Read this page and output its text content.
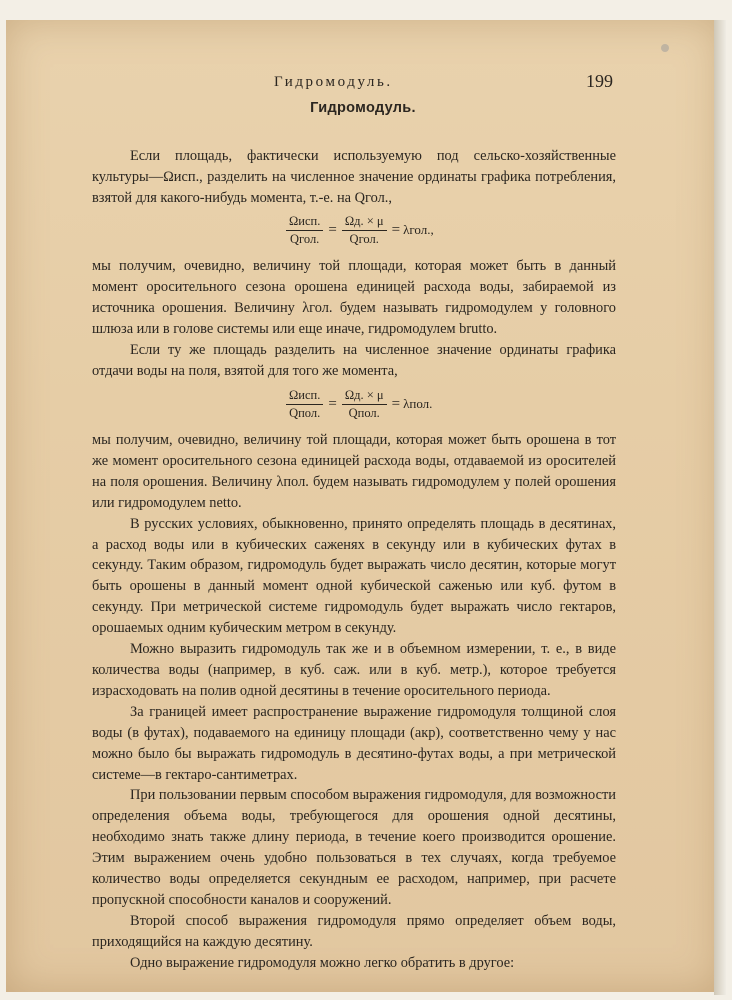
Гидромодуль.	199
Гидромодуль.

Если площадь, фактически используемую под сельско-хозяйственные культуры—Ωисп., разделить на численное значение ординаты графика потребления, взятой для какого-нибудь момента, т.-е. на Qгол.,

$\frac{\text{Ωисп.}}{\text{Qгол.}} = \frac{\Omega д. \times \mu}{\text{Qгол.}} = \lambda гол$.,

мы получим, очевидно, величину той площади, которая может быть в данный момент оросительного сезона орошена единицей расхода воды, забираемой из источника орошения. Величину λгол. будем называть гидромодулем у головного шлюза или в голове системы или еще иначе, гидромодулем brutto.

Если ту же площадь разделить на численное значение ординаты графика отдачи воды на поля, взятой для того же момента,

$\frac{\text{Ωисп.}}{\text{Qпол.}} = \frac{\Omega д. \times \mu}{\text{Qпол.}} = \lambda пол$.

мы получим, очевидно, величину той площади, которая может быть орошена в тот же момент оросительного сезона единицей расхода воды, отдаваемой из оросителей на поля орошения. Величину λпол. будем называть гидромодулем у полей орошения или гидромодулем netto.

В русских условиях, обыкновенно, принято определять площадь в десятинах, а расход воды или в кубических саженях в секунду или в кубических футах в секунду. Таким образом, гидромодуль будет выражать число десятин, которые могут быть орошены в данный момент одной кубической саженью или куб. футом в секунду. При метрической системе гидромодуль будет выражать число гектаров, орошаемых одним кубическим метром в секунду.

Можно выразить гидромодуль так же и в объемном измерении, т. е., в виде количества воды (например, в куб. саж. или в куб. метр.), которое требуется израсходовать на полив одной десятины в течение оросительного периода.

За границей имеет распространение выражение гидромодуля толщиной слоя воды (в футах), подаваемого на единицу площади (акр), соответственно чему у нас можно было бы выражать гидромодуль в десятино-футах воды, а при метрической системе—в гектаро-сантиметрах.

При пользовании первым способом выражения гидромодуля, для возможности определения объема воды, требующегося для орошения одной десятины, необходимо знать также длину периода, в течение коего производится орошение. Этим выражением очень удобно пользоваться в тех случаях, когда требуемое количество воды определяется секундным ее расходом, например, при расчете пропускной способности каналов и сооружений.

Второй способ выражения гидромодуля прямо определяет объем воды, приходящийся на каждую десятину.

Одно выражение гидромодуля можно легко обратить в другое:
